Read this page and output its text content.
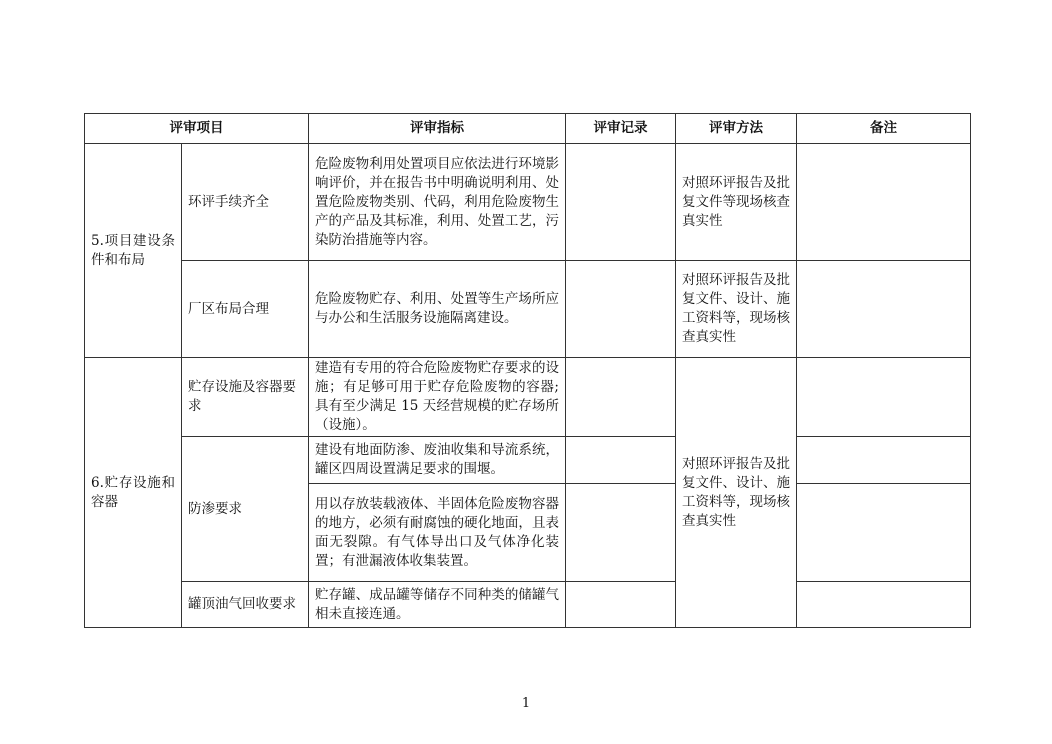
评审项目		评审指标	评审记录	评审方法	备注
5.项目建设条件和布局	环评手续齐全	危险废物利用处置项目应依法进行环境影响评价，并在报告书中明确说明利用、处置危险废物类别、代码，利用危险废物生产的产品及其标准，利用、处置工艺，污染防治措施等内容。		对照环评报告及批复文件等现场核查真实性	
	厂区布局合理	危险废物贮存、利用、处置等生产场所应与办公和生活服务设施隔离建设。		对照环评报告及批复文件、设计、施工资料等，现场核查真实性	
6.贮存设施和容器	贮存设施及容器要求	建造有专用的符合危险废物贮存要求的设施；有足够可用于贮存危险废物的容器;具有至少满足 15 天经营规模的贮存场所（设施）。		对照环评报告及批复文件、设计、施工资料等，现场核查真实性	
	防渗要求	建设有地面防渗、废油收集和导流系统，罐区四周设置满足要求的围堰。			
		用以存放装载液体、半固体危险废物容器的地方，必须有耐腐蚀的硬化地面，且表面无裂隙。有气体导出口及气体净化装置；有泄漏液体收集装置。			
	罐顶油气回收要求	贮存罐、成品罐等储存不同种类的储罐气相未直接连通。			
1
